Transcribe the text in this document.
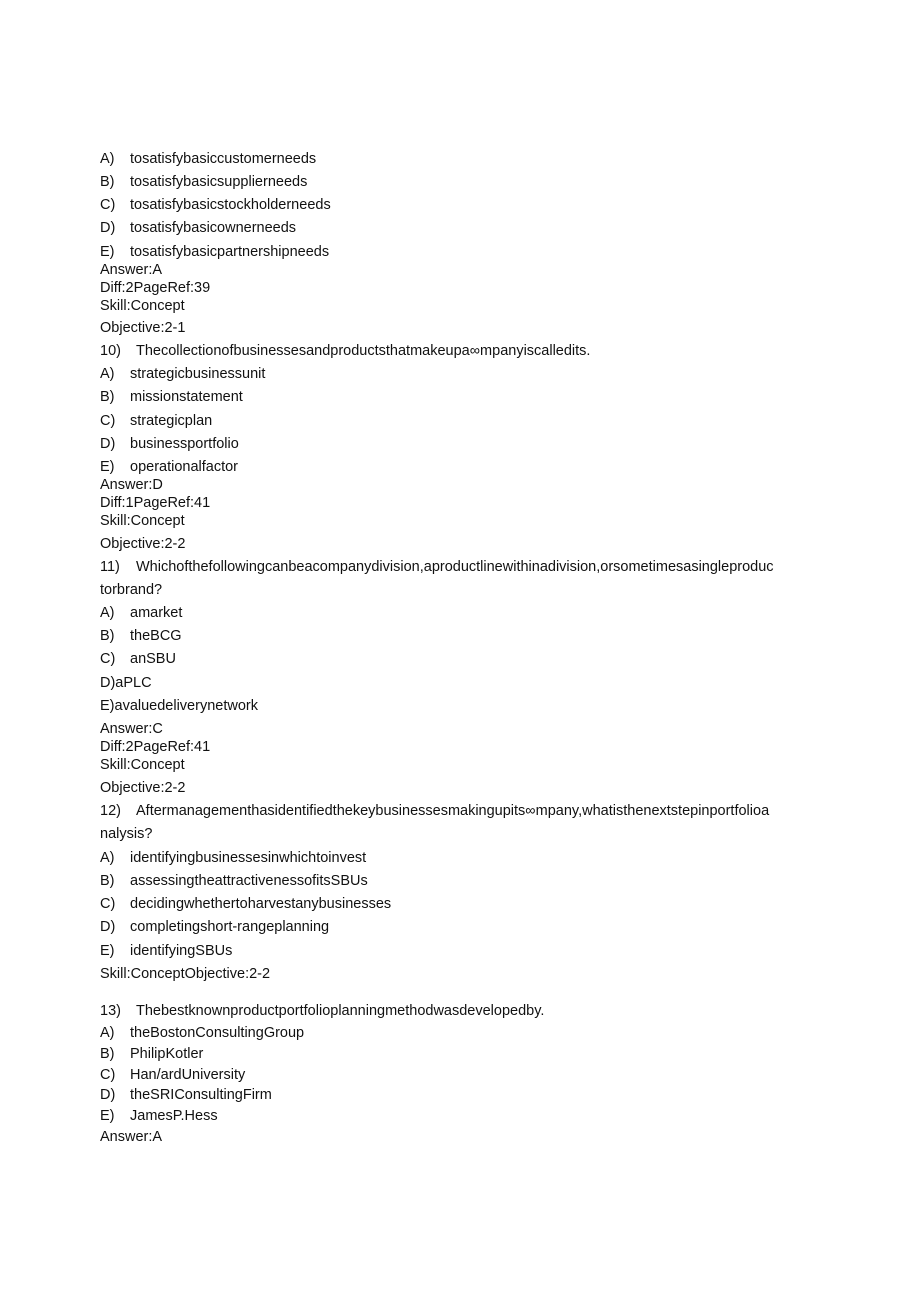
A) tosatisfybasiccustomerneeds
B) tosatisfybasicsupplierneeds
C) tosatisfybasicstockholderneeds
D) tosatisfybasicownerneeds
E) tosatisfybasicpartnershipneeds
Answer:A
Diff:2PageRef:39
Skill:Concept
Objective:2-1
10) Thecollectionofbusinessesandproductsthatmakeupa∞mpanyiscalledits.
A) strategicbusinessunit
B) missionstatement
C) strategicplan
D) businessportfolio
E) operationalfactor
Answer:D
Diff:1PageRef:41
Skill:Concept
Objective:2-2
11) Whichofthefollowingcanbeacompanydivision,aproductlinewithinadivision,orsometimesasingleproduc
torbrand?
A) amarket
B) theBCG
C) anSBU
D)aPLC
E)avaluedeliverynetwork
Answer:C
Diff:2PageRef:41
Skill:Concept
Objective:2-2
12) Aftermanagementhasidentifiedthekeybusinessesmakingupits∞mpany,whatisthenextstepinportfolioa
nalysis?
A) identifyingbusinessesinwhichtoinvest
B) assessingtheattractivenessofitsSBUs
C) decidingwhethertoharvestanybusinesses
D) completingshort-rangeplanning
E) identifyingSBUs
Skill:ConceptObjective:2-2
13) Thebestknownproductportfolioplanningmethodwasdevelopedby.
A) theBostonConsultingGroup
B) PhilipKotler
C) Han/ardUniversity
D) theSRIConsultingFirm
E) JamesP.Hess
Answer:A
